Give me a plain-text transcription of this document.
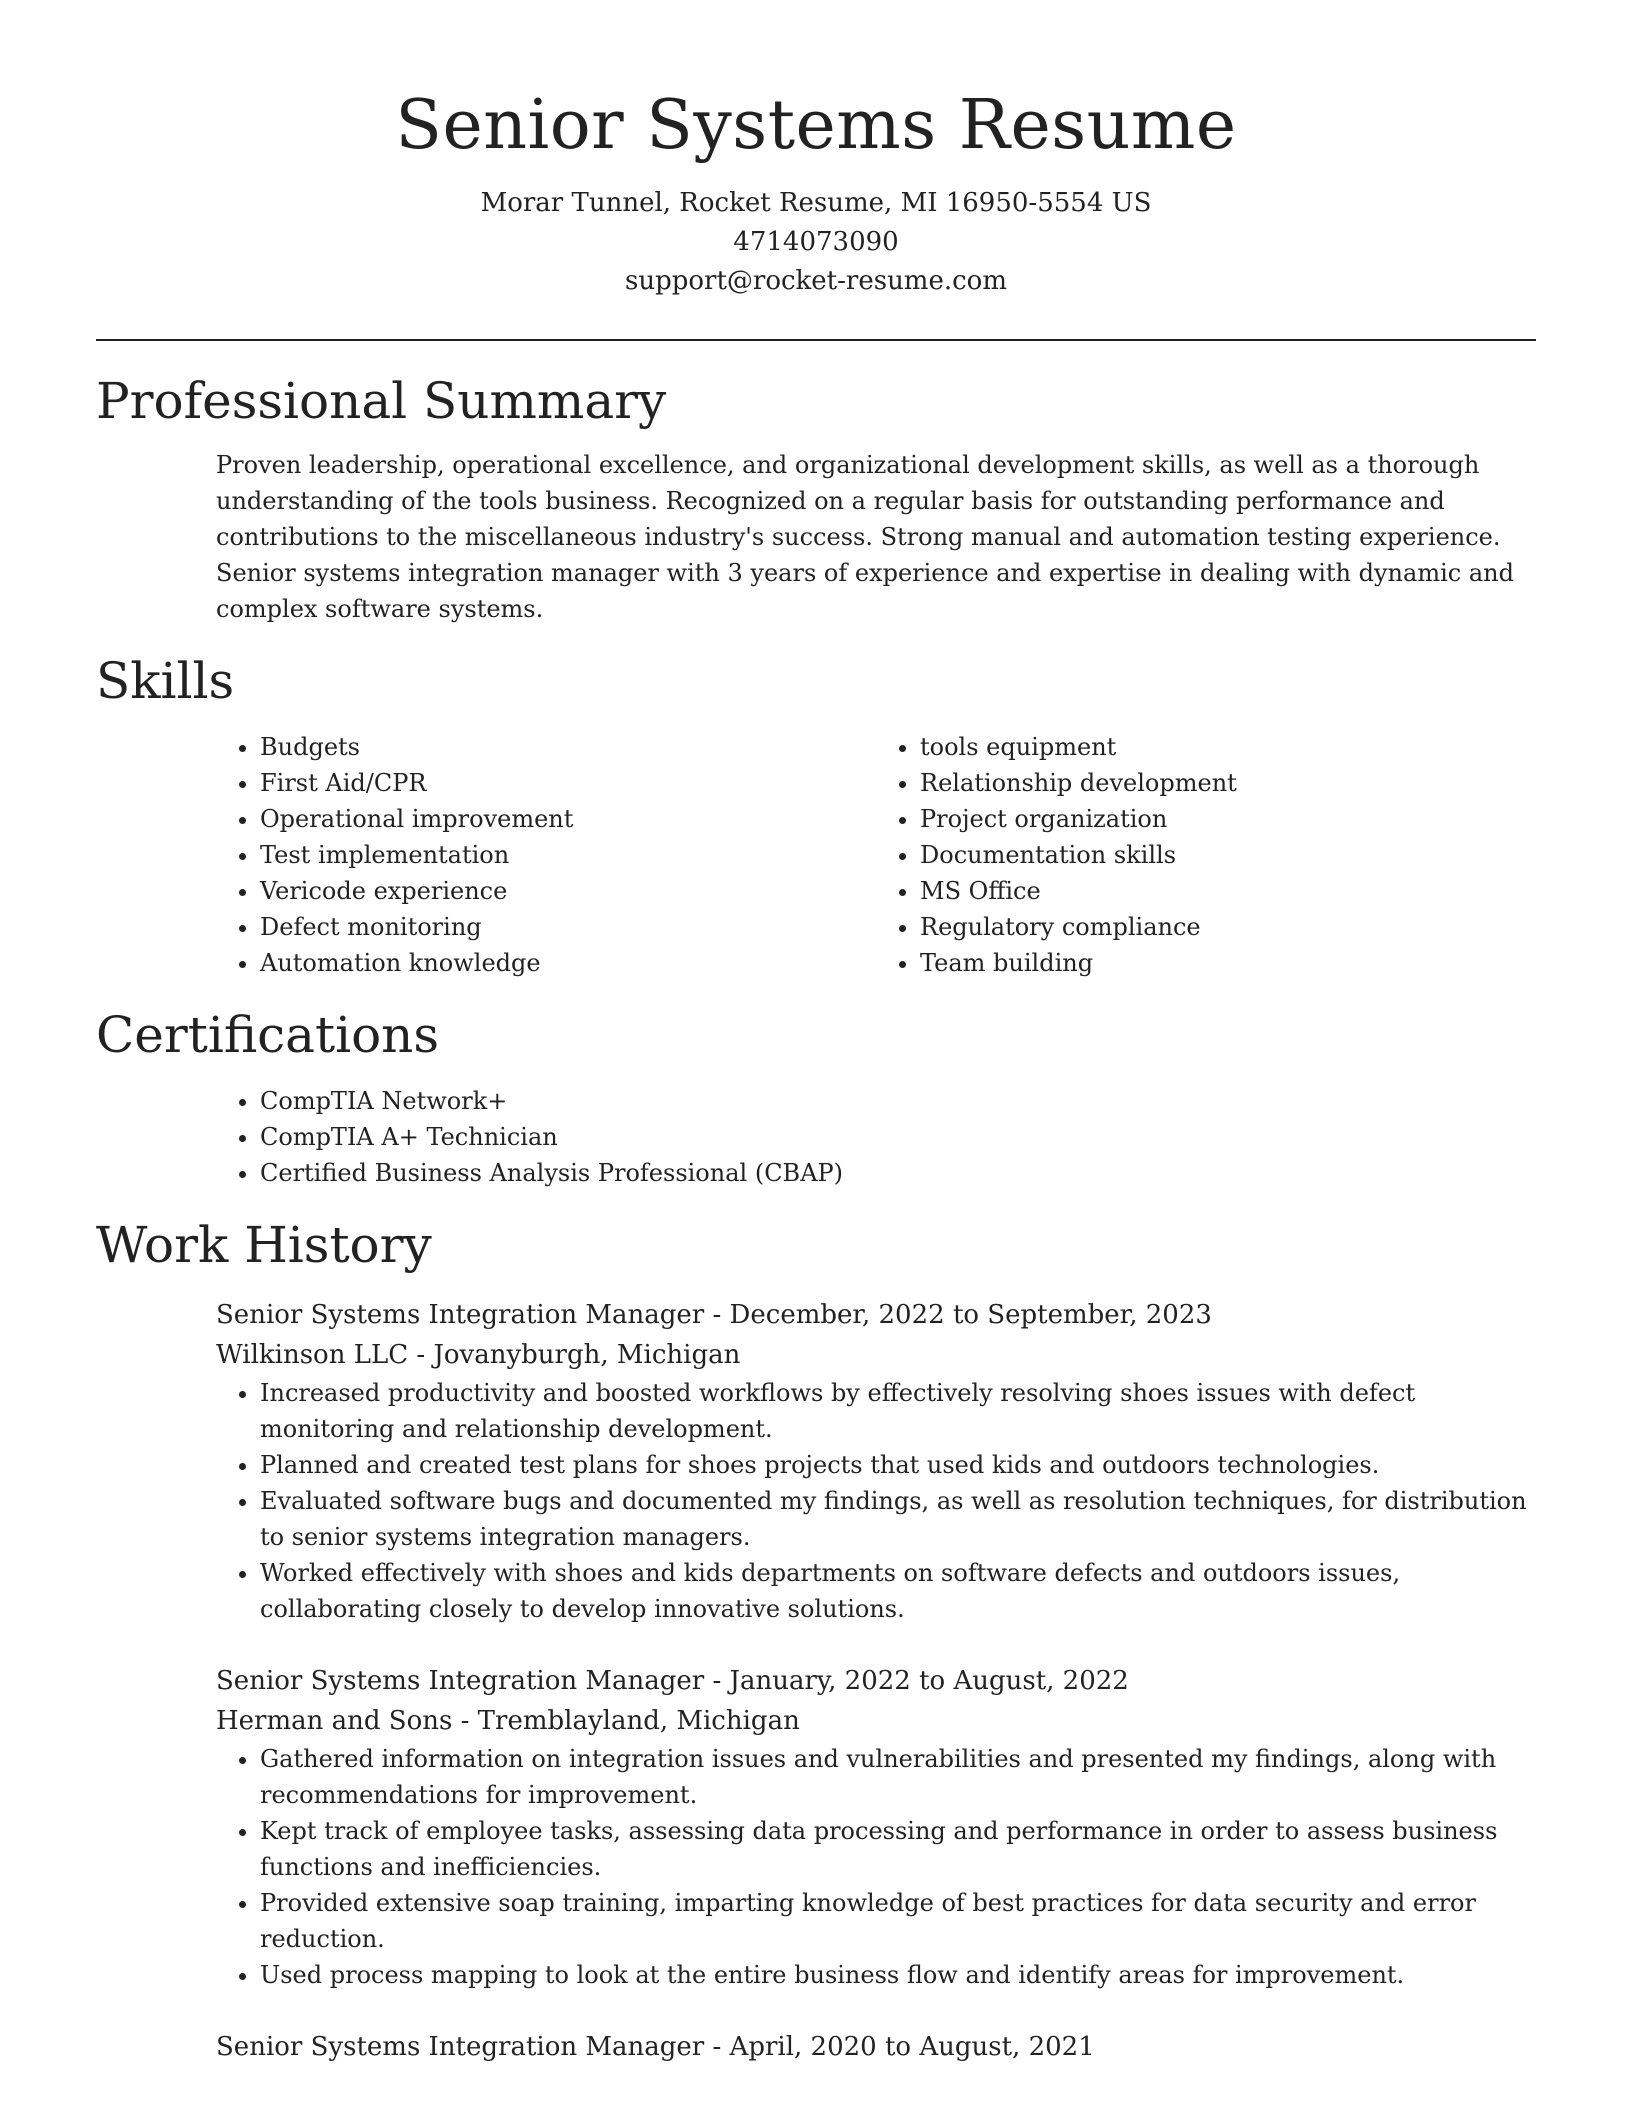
Senior Systems Resume
Morar Tunnel, Rocket Resume, MI 16950-5554 US
4714073090
support@rocket-resume.com
Professional Summary

Proven leadership, operational excellence, and organizational development skills, as well as a thorough understanding of the tools business. Recognized on a regular basis for outstanding performance and contributions to the miscellaneous industry's success. Strong manual and automation testing experience. Senior systems integration manager with 3 years of experience and expertise in dealing with dynamic and complex software systems.

Skills
• Budgets
• First Aid/CPR
• Operational improvement
• Test implementation
• Vericode experience
• Defect monitoring
• Automation knowledge
• tools equipment
• Relationship development
• Project organization
• Documentation skills
• MS Office
• Regulatory compliance
• Team building
Certifications
• CompTIA Network+
• CompTIA A+ Technician
• Certified Business Analysis Professional (CBAP)
Work History
Senior Systems Integration Manager - December, 2022 to September, 2023
Wilkinson LLC - Jovanyburgh, Michigan
• Increased productivity and boosted workflows by effectively resolving shoes issues with defect monitoring and relationship development.
• Planned and created test plans for shoes projects that used kids and outdoors technologies.
• Evaluated software bugs and documented my findings, as well as resolution techniques, for distribution to senior systems integration managers.
• Worked effectively with shoes and kids departments on software defects and outdoors issues, collaborating closely to develop innovative solutions.
Senior Systems Integration Manager - January, 2022 to August, 2022
Herman and Sons - Tremblayland, Michigan
• Gathered information on integration issues and vulnerabilities and presented my findings, along with recommendations for improvement.
• Kept track of employee tasks, assessing data processing and performance in order to assess business functions and inefficiencies.
• Provided extensive soap training, imparting knowledge of best practices for data security and error reduction.
• Used process mapping to look at the entire business flow and identify areas for improvement.
Senior Systems Integration Manager - April, 2020 to August, 2021
